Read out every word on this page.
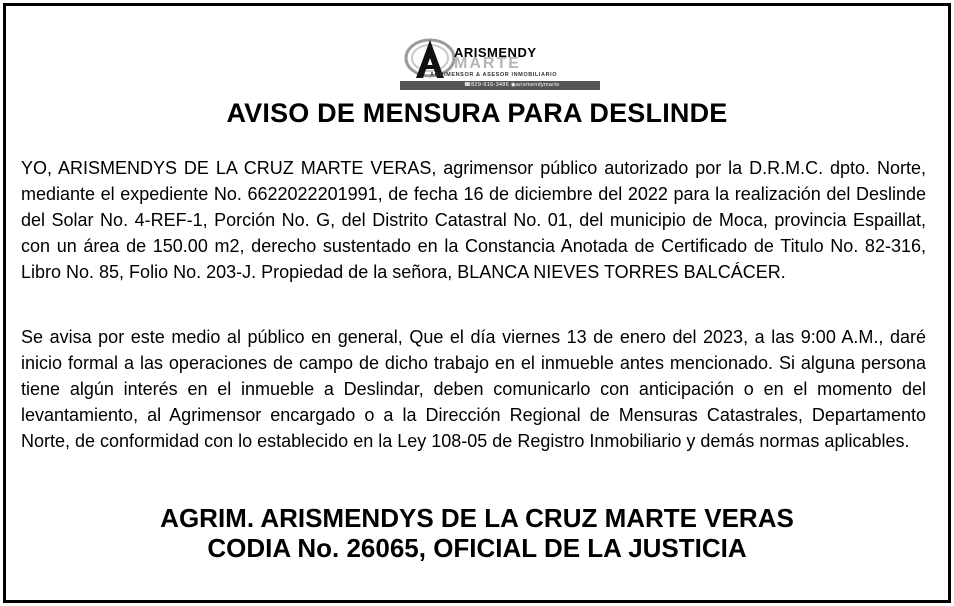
ARISMENDY
MARTE
AGRIMENSOR & ASESOR INMOBILIARIO
☎829-916-3486 ◉arismendymarte
AVISO DE MENSURA PARA DESLINDE

YO, ARISMENDYS DE LA CRUZ MARTE VERAS, agrimensor público autorizado por la D.R.M.C. dpto. Norte, mediante el expediente No. 6622022201991, de fecha 16 de diciembre del 2022 para la realización del Deslinde del Solar No. 4-REF-1, Porción No. G, del Distrito Catastral No. 01, del municipio de Moca, provincia Espaillat, con un área de 150.00 m2, derecho sustentado en la Constancia Anotada de Certificado de Titulo No. 82-316, Libro No. 85, Folio No. 203-J. Propiedad de la señora, BLANCA NIEVES TORRES BALCÁCER.

Se avisa por este medio al público en general, Que el día viernes 13 de enero del 2023, a las 9:00 A.M., daré inicio formal a las operaciones de campo de dicho trabajo en el inmueble antes mencionado. Si alguna persona tiene algún interés en el inmueble a Deslindar, deben comunicarlo con anticipación o en el momento del levantamiento, al Agrimensor encargado o a la Dirección Regional de Mensuras Catastrales, Departamento Norte, de conformidad con lo establecido en la Ley 108-05 de Registro Inmobiliario y demás normas aplicables.

AGRIM. ARISMENDYS DE LA CRUZ MARTE VERAS

CODIA No. 26065, OFICIAL DE LA JUSTICIA
